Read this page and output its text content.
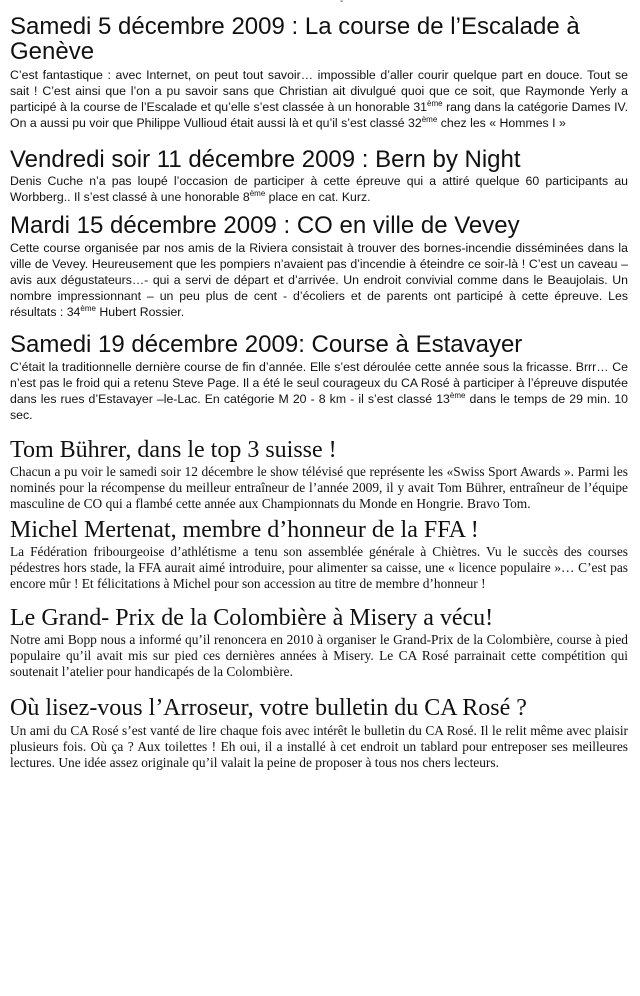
-
Samedi 5 décembre 2009 : La course de l’Escalade à Genève

C’est fantastique : avec Internet, on peut tout savoir… impossible d’aller courir quelque part en douce. Tout se sait ! C’est ainsi que l’on a pu savoir sans que Christian ait divulgué quoi que ce soit, que Raymonde Yerly a participé à la course de l’Escalade et qu’elle s’est classée à un honorable 31ème rang dans la catégorie Dames IV. On a aussi pu voir que Philippe Vullioud était aussi là et qu’il s’est classé 32ème chez les « Hommes I »

Vendredi soir 11 décembre 2009 : Bern by Night

Denis Cuche n’a pas loupé l’occasion de participer à cette épreuve qui a attiré quelque 60 participants au Worbberg.. Il s’est classé à une honorable 8ème place en cat. Kurz.

Mardi 15 décembre 2009 : CO en ville de Vevey

Cette course organisée par nos amis de la Riviera consistait à trouver des bornes-incendie disséminées dans la ville de Vevey. Heureusement que les pompiers n’avaient pas d’incendie à éteindre ce soir-là ! C’est un caveau – avis aux dégustateurs…- qui a servi de départ et d’arrivée. Un endroit convivial comme dans le Beaujolais. Un nombre impressionnant – un peu plus de cent - d’écoliers et de parents ont participé à cette épreuve. Les résultats : 34ème Hubert Rossier.

Samedi 19 décembre 2009: Course à Estavayer

C’était la traditionnelle dernière course de fin d’année. Elle s’est déroulée cette année sous la fricasse. Brrr… Ce n’est pas le froid qui a retenu Steve Page. Il a été le seul courageux du CA Rosé à participer à l’épreuve disputée dans les rues d’Estavayer –le-Lac. En catégorie M 20 - 8 km - il s’est classé 13ème dans le temps de 29 min. 10 sec.

Tom Bührer, dans le top 3 suisse !

Chacun a pu voir le samedi soir 12 décembre le show télévisé que représente les «Swiss Sport Awards ». Parmi les nominés pour la récompense du meilleur entraîneur de l’année 2009, il y avait Tom Bührer, entraîneur de l’équipe masculine de CO qui a flambé cette année aux Championnats du Monde en Hongrie. Bravo Tom.

Michel Mertenat, membre d’honneur de la FFA !

La Fédération fribourgeoise d’athlétisme a tenu son assemblée générale à Chiètres. Vu le succès des courses pédestres hors stade, la FFA aurait aimé introduire, pour alimenter sa caisse, une « licence populaire »… C’est pas encore mûr ! Et félicitations à Michel pour son accession au titre de membre d’honneur !

Le Grand- Prix de la Colombière à Misery a vécu!

Notre ami Bopp nous a informé qu’il renoncera en 2010 à organiser le Grand-Prix de la Colombière, course à pied populaire qu’il avait mis sur pied ces dernières années à Misery. Le CA Rosé parrainait cette compétition qui soutenait l’atelier pour handicapés de la Colombière.

Où lisez-vous l’Arroseur, votre bulletin du CA Rosé ?

Un ami du CA Rosé s’est vanté de lire chaque fois avec intérêt le bulletin du CA Rosé. Il le relit même avec plaisir plusieurs fois. Où ça ? Aux toilettes ! Eh oui, il a installé à cet endroit un tablard pour entreposer ses meilleures lectures. Une idée assez originale qu’il valait la peine de proposer à tous nos chers lecteurs.
